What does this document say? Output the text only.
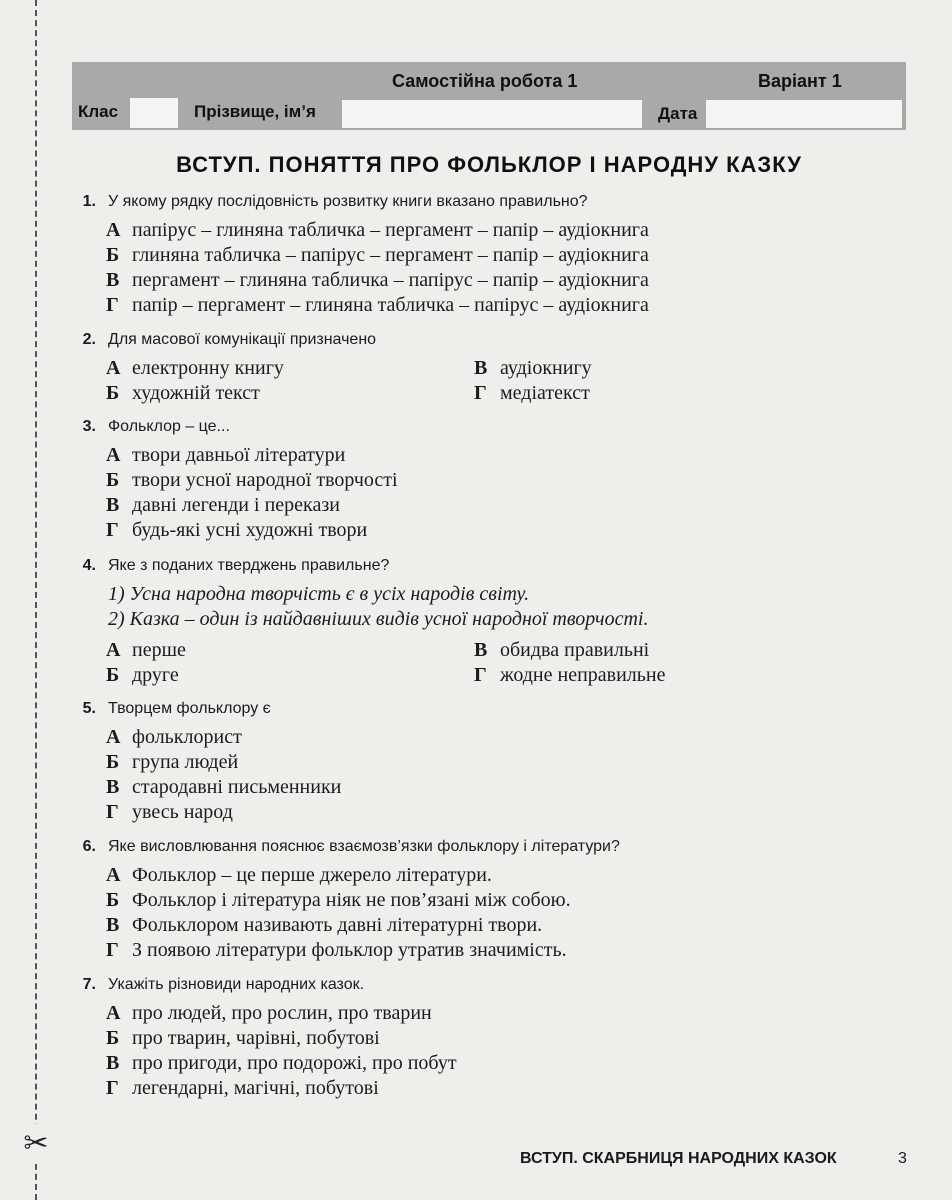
✂
Самостійна робота 1	Варіант 1
Клас	Прізвище, ім’я	Дата
ВСТУП. ПОНЯТТЯ ПРО ФОЛЬКЛОР І НАРОДНУ КАЗКУ
1. У якому рядку послідовність розвитку книги вказано правильно?
А папірус – глиняна табличка – пергамент – папір – аудіокнига
Б глиняна табличка – папірус – пергамент – папір – аудіокнига
В пергамент – глиняна табличка – папірус – папір – аудіокнига
Г папір – пергамент – глиняна табличка – папірус – аудіокнига
2. Для масової комунікації призначено
А електронну книгу
Б художній текст
В аудіокнигу
Г медіатекст
3. Фольклор – це...
А твори давньої літератури
Б твори усної народної творчості
В давні легенди і перекази
Г будь-які усні художні твори
4. Яке з поданих тверджень правильне?
1) Усна народна творчість є в усіх народів світу.
2) Казка – один із найдавніших видів усної народної творчості.
А перше
Б друге
В обидва правильні
Г жодне неправильне
5. Творцем фольклору є
А фольклорист
Б група людей
В стародавні письменники
Г увесь народ
6. Яке висловлювання пояснює взаємозв’язки фольклору і літератури?
А Фольклор – це перше джерело літератури.
Б Фольклор і література ніяк не пов’язані між собою.
В Фольклором називають давні літературні твори.
Г З появою літератури фольклор утратив значимість.
7. Укажіть різновиди народних казок.
А про людей, про рослин, про тварин
Б про тварин, чарівні, побутові
В про пригоди, про подорожі, про побут
Г легендарні, магічні, побутові
ВСТУП. СКАРБНИЦЯ НАРОДНИХ КАЗОК	3
